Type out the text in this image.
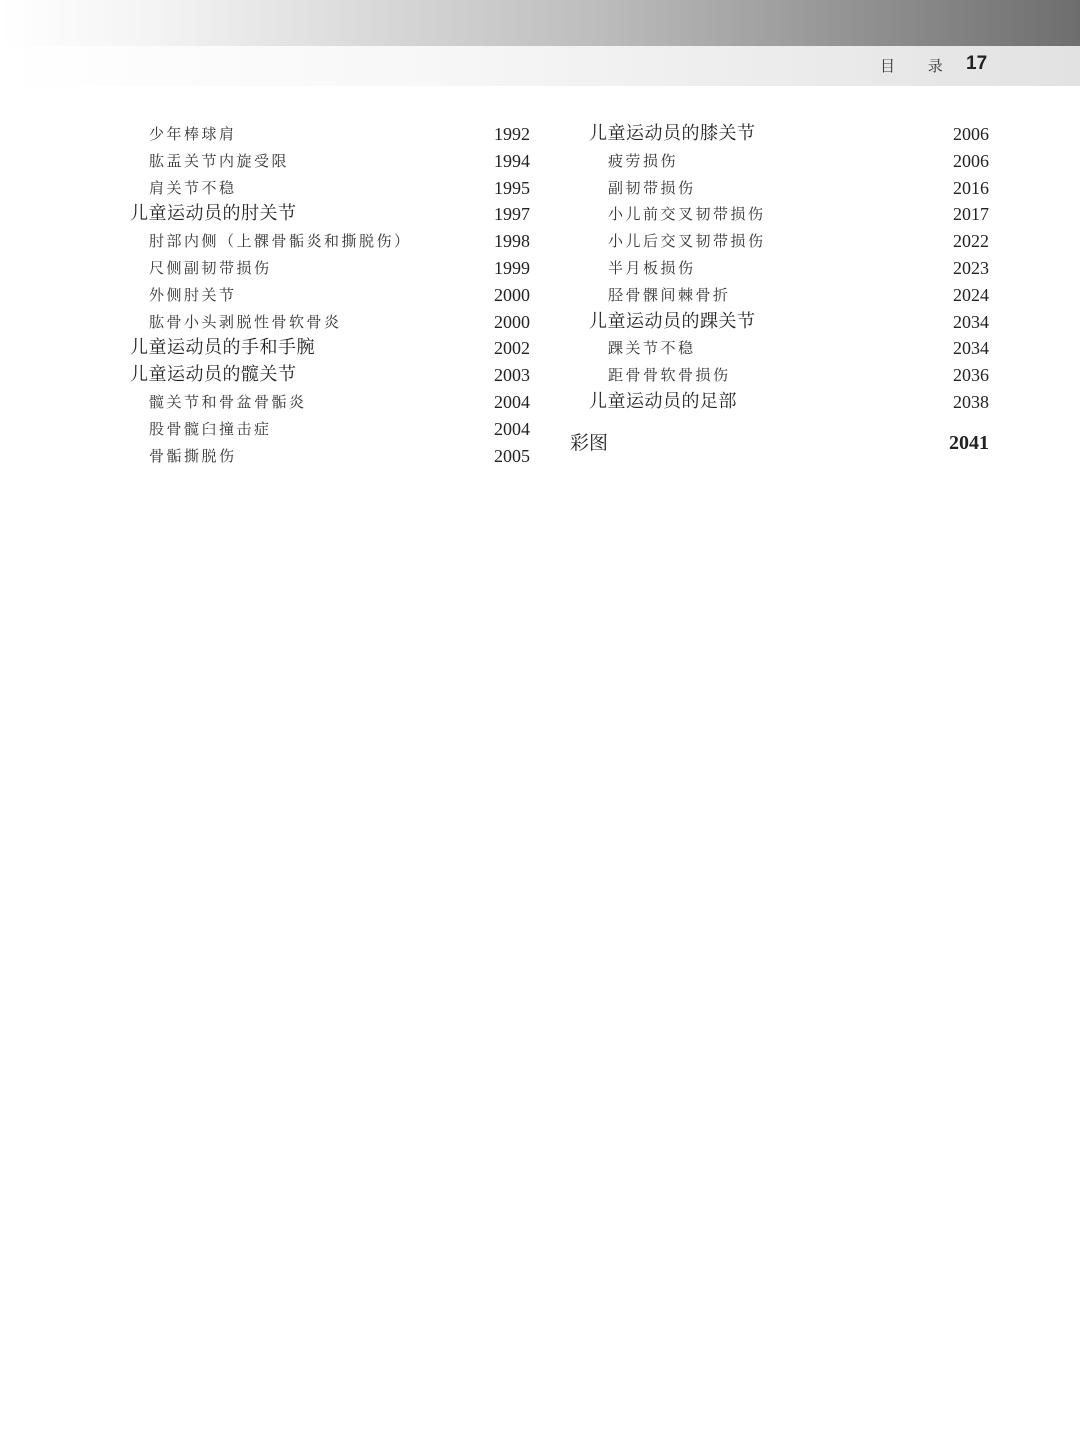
目 录 17
少年棒球肩	1992
肱盂关节内旋受限	1994
肩关节不稳	1995
儿童运动员的肘关节	1997
肘部内侧（上髁骨骺炎和撕脱伤）	1998
尺侧副韧带损伤	1999
外侧肘关节	2000
肱骨小头剥脱性骨软骨炎	2000
儿童运动员的手和手腕	2002
儿童运动员的髋关节	2003
髋关节和骨盆骨骺炎	2004
股骨髋臼撞击症	2004
骨骺撕脱伤	2005
儿童运动员的膝关节	2006
疲劳损伤	2006
副韧带损伤	2016
小儿前交叉韧带损伤	2017
小儿后交叉韧带损伤	2022
半月板损伤	2023
胫骨髁间棘骨折	2024
儿童运动员的踝关节	2034
踝关节不稳	2034
距骨骨软骨损伤	2036
儿童运动员的足部	2038
彩图	2041
